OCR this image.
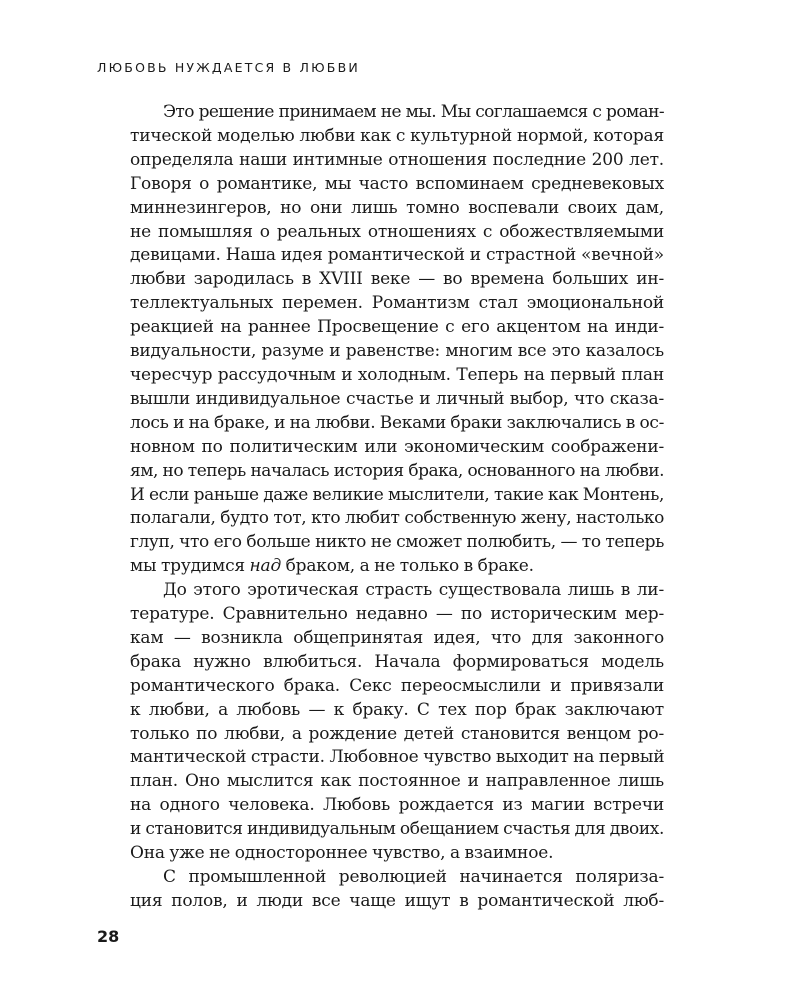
ЛЮБОВЬ НУЖДАЕТСЯ В ЛЮБВИ

Это решение принимаем не мы. Мы соглашаемся с роман-
тической моделью любви как с культурной нормой, которая
определяла наши интимные отношения последние 200 лет.
Говоря о романтике, мы часто вспоминаем средневековых
миннезингеров, но они лишь томно воспевали своих дам,
не помышляя о реальных отношениях с обожествляемыми
девицами. Наша идея романтической и страстной «вечной»
любви зародилась в XVIII веке — во времена больших ин-
теллектуальных перемен. Романтизм стал эмоциональной
реакцией на раннее Просвещение с его акцентом на инди-
видуальности, разуме и равенстве: многим все это казалось
чересчур рассудочным и холодным. Теперь на первый план
вышли индивидуальное счастье и личный выбор, что сказа-
лось и на браке, и на любви. Веками браки заключались в ос-
новном по политическим или экономическим соображени-
ям, но теперь началась история брака, основанного на любви.
И если раньше даже великие мыслители, такие как Монтень,
полагали, будто тот, кто любит собственную жену, настолько
глуп, что его больше никто не сможет полюбить, — то теперь
мы трудимся над браком, а не только в браке.

До этого эротическая страсть существовала лишь в ли-
тературе. Сравнительно недавно — по историческим мер-
кам — возникла общепринятая идея, что для законного
брака нужно влюбиться. Начала формироваться модель
романтического брака. Секс переосмыслили и привязали
к любви, а любовь — к браку. С тех пор брак заключают
только по любви, а рождение детей становится венцом ро-
мантической страсти. Любовное чувство выходит на первый
план. Оно мыслится как постоянное и направленное лишь
на одного человека. Любовь рождается из магии встречи
и становится индивидуальным обещанием счастья для двоих.
Она уже не одностороннее чувство, а взаимное.

С промышленной революцией начинается поляриза-
ция полов, и люди все чаще ищут в романтической люб-

28
